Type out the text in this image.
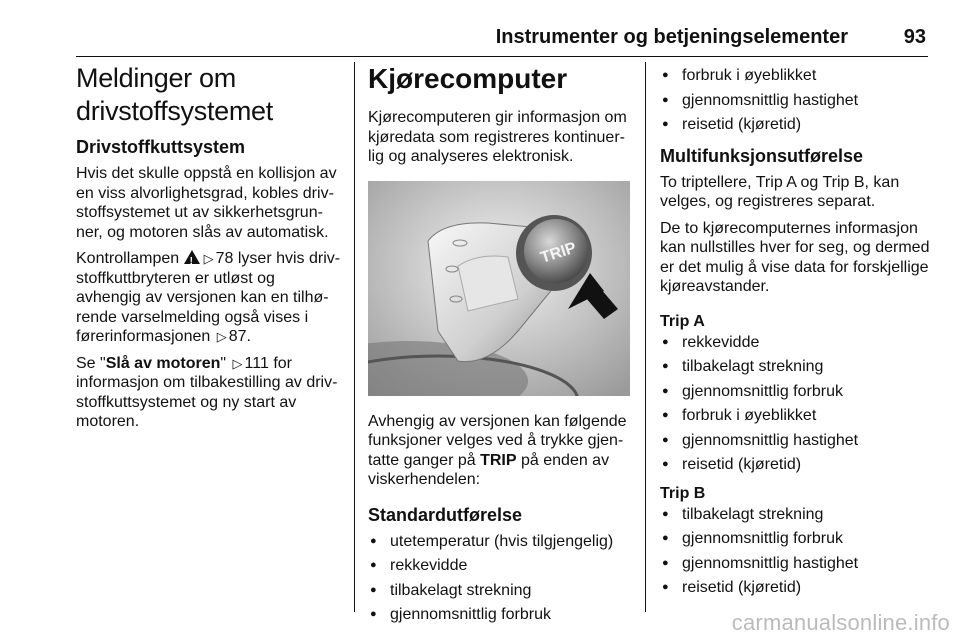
Instrumenter og betjeningselementer	93
Meldinger om
drivstoffsystemet
Drivstoffkuttsystem

Hvis det skulle oppstå en kollisjon av en viss alvorlighetsgrad, kobles drivstoffsystemet ut av sikkerhetsgrunner, og motoren slås av automatisk.

Kontrollampen ! ▷ 78 lyser hvis drivstoffkuttbryteren er utløst og avhengig av versjonen kan en tilhørende varselmelding også vises i førerinformasjonen ▷ 87.

Se "Slå av motoren" ▷ 111 for informasjon om tilbakestilling av drivstoffkuttsystemet og ny start av motoren.

Kjørecomputer

Kjørecomputeren gir informasjon om kjøredata som registreres kontinuerlig og analyseres elektronisk.

TRIP

Avhengig av versjonen kan følgende funksjoner velges ved å trykke gjentatte ganger på TRIP på enden av viskerhendelen:

Standardutførelse
● utetemperatur (hvis tilgjengelig)
● rekkevidde
● tilbakelagt strekning
● gjennomsnittlig forbruk
● forbruk i øyeblikket
● gjennomsnittlig hastighet
● reisetid (kjøretid)
Multifunksjonsutførelse

To triptellere, Trip A og Trip B, kan velges, og registreres separat.

De to kjørecomputernes informasjon kan nullstilles hver for seg, og dermed er det mulig å vise data for forskjellige kjøreavstander.

Trip A
● rekkevidde
● tilbakelagt strekning
● gjennomsnittlig forbruk
● forbruk i øyeblikket
● gjennomsnittlig hastighet
● reisetid (kjøretid)
Trip B
● tilbakelagt strekning
● gjennomsnittlig forbruk
● gjennomsnittlig hastighet
● reisetid (kjøretid)
carmanualsonline.info
